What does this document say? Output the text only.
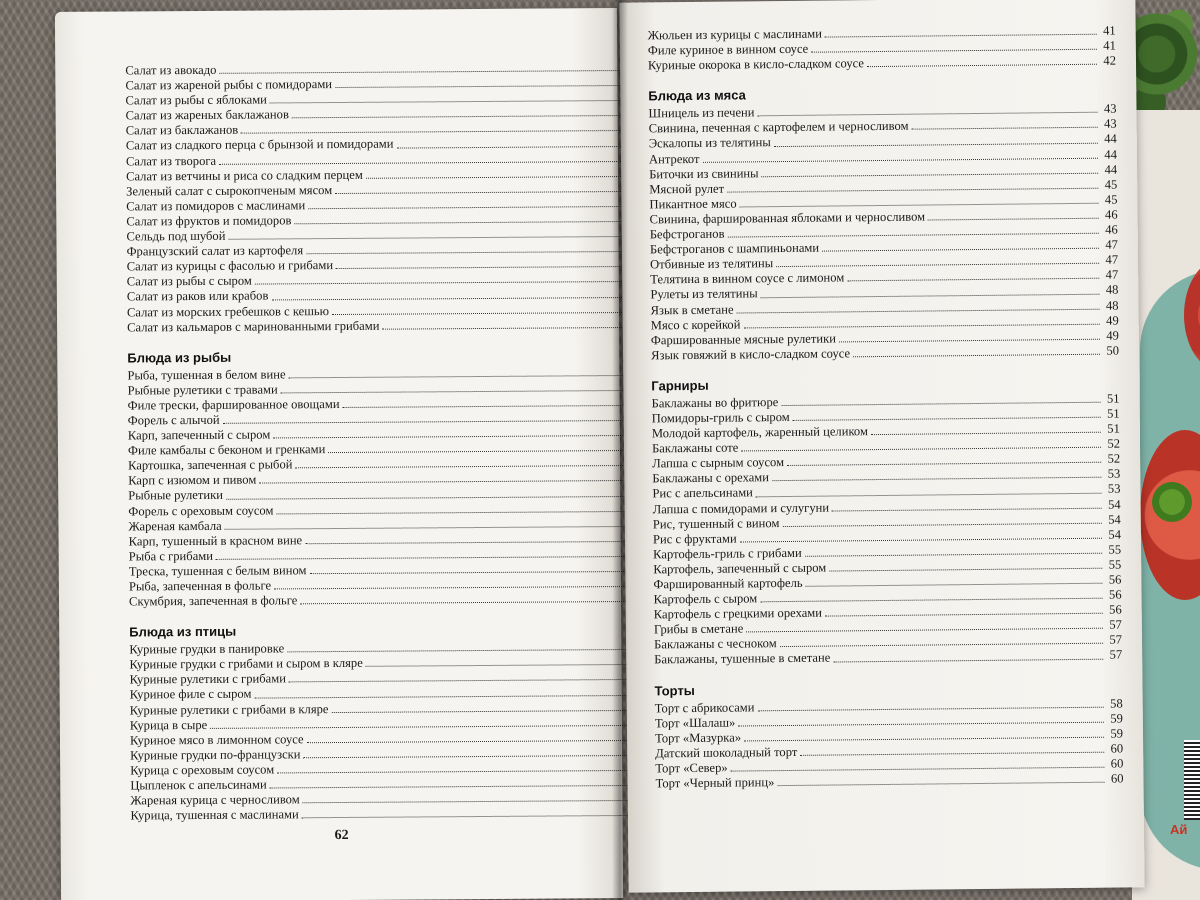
Ай
Салат из авокадо
Салат из жареной рыбы с помидорами
Салат из рыбы с яблоками
Салат из жареных баклажанов
Салат из баклажанов
Салат из сладкого перца с брынзой и помидорами
Салат из творога
Салат из ветчины и риса со сладким перцем
Зеленый салат с сырокопченым мясом
Салат из помидоров с маслинами
Салат из фруктов и помидоров
Сельдь под шубой
Французский салат из картофеля
Салат из курицы с фасолью и грибами
Салат из рыбы с сыром
Салат из раков или крабов
Салат из морских гребешков с кешью
Салат из кальмаров с маринованными грибами
Блюда из рыбы
Рыба, тушенная в белом вине
Рыбные рулетики с травами
Филе трески, фаршированное овощами
Форель с алычой
Карп, запеченный с сыром
Филе камбалы с беконом и гренками
Картошка, запеченная с рыбой
Карп с изюмом и пивом
Рыбные рулетики
Форель с ореховым соусом
Жареная камбала
Карп, тушенный в красном вине
Рыба с грибами
Треска, тушенная с белым вином
Рыба, запеченная в фольге
Скумбрия, запеченная в фольге
Блюда из птицы
Куриные грудки в панировке
Куриные грудки с грибами и сыром в кляре
Куриные рулетики с грибами
Куриное филе с сыром
Куриные рулетики с грибами в кляре
Курица в сыре
Куриное мясо в лимонном соусе
Куриные грудки по-французски
Курица с ореховым соусом
Цыпленок с апельсинами
Жареная курица с черносливом
Курица, тушенная с маслинами
62
Жюльен из курицы с маслинами	41
Филе куриное в винном соусе	41
Куриные окорока в кисло-сладком соусе	42
Блюда из мяса
Шницель из печени	43
Свинина, печенная с картофелем и черносливом	43
Эскалопы из телятины	44
Антрекот	44
Биточки из свинины	44
Мясной рулет	45
Пикантное мясо	45
Свинина, фаршированная яблоками и черносливом	46
Бефстроганов	46
Бефстроганов с шампиньонами	47
Отбивные из телятины	47
Телятина в винном соусе с лимоном	47
Рулеты из телятины	48
Язык в сметане	48
Мясо с корейкой	49
Фаршированные мясные рулетики	49
Язык говяжий в кисло-сладком соусе	50
Гарниры
Баклажаны во фритюре	51
Помидоры-гриль с сыром	51
Молодой картофель, жаренный целиком	51
Баклажаны соте	52
Лапша с сырным соусом	52
Баклажаны с орехами	53
Рис с апельсинами	53
Лапша с помидорами и сулугуни	54
Рис, тушенный с вином	54
Рис с фруктами	54
Картофель-гриль с грибами	55
Картофель, запеченный с сыром	55
Фаршированный картофель	56
Картофель с сыром	56
Картофель с грецкими орехами	56
Грибы в сметане	57
Баклажаны с чесноком	57
Баклажаны, тушенные в сметане	57
Торты
Торт с абрикосами	58
Торт «Шалаш»	59
Торт «Мазурка»	59
Датский шоколадный торт	60
Торт «Север»	60
Торт «Черный принц»	60
